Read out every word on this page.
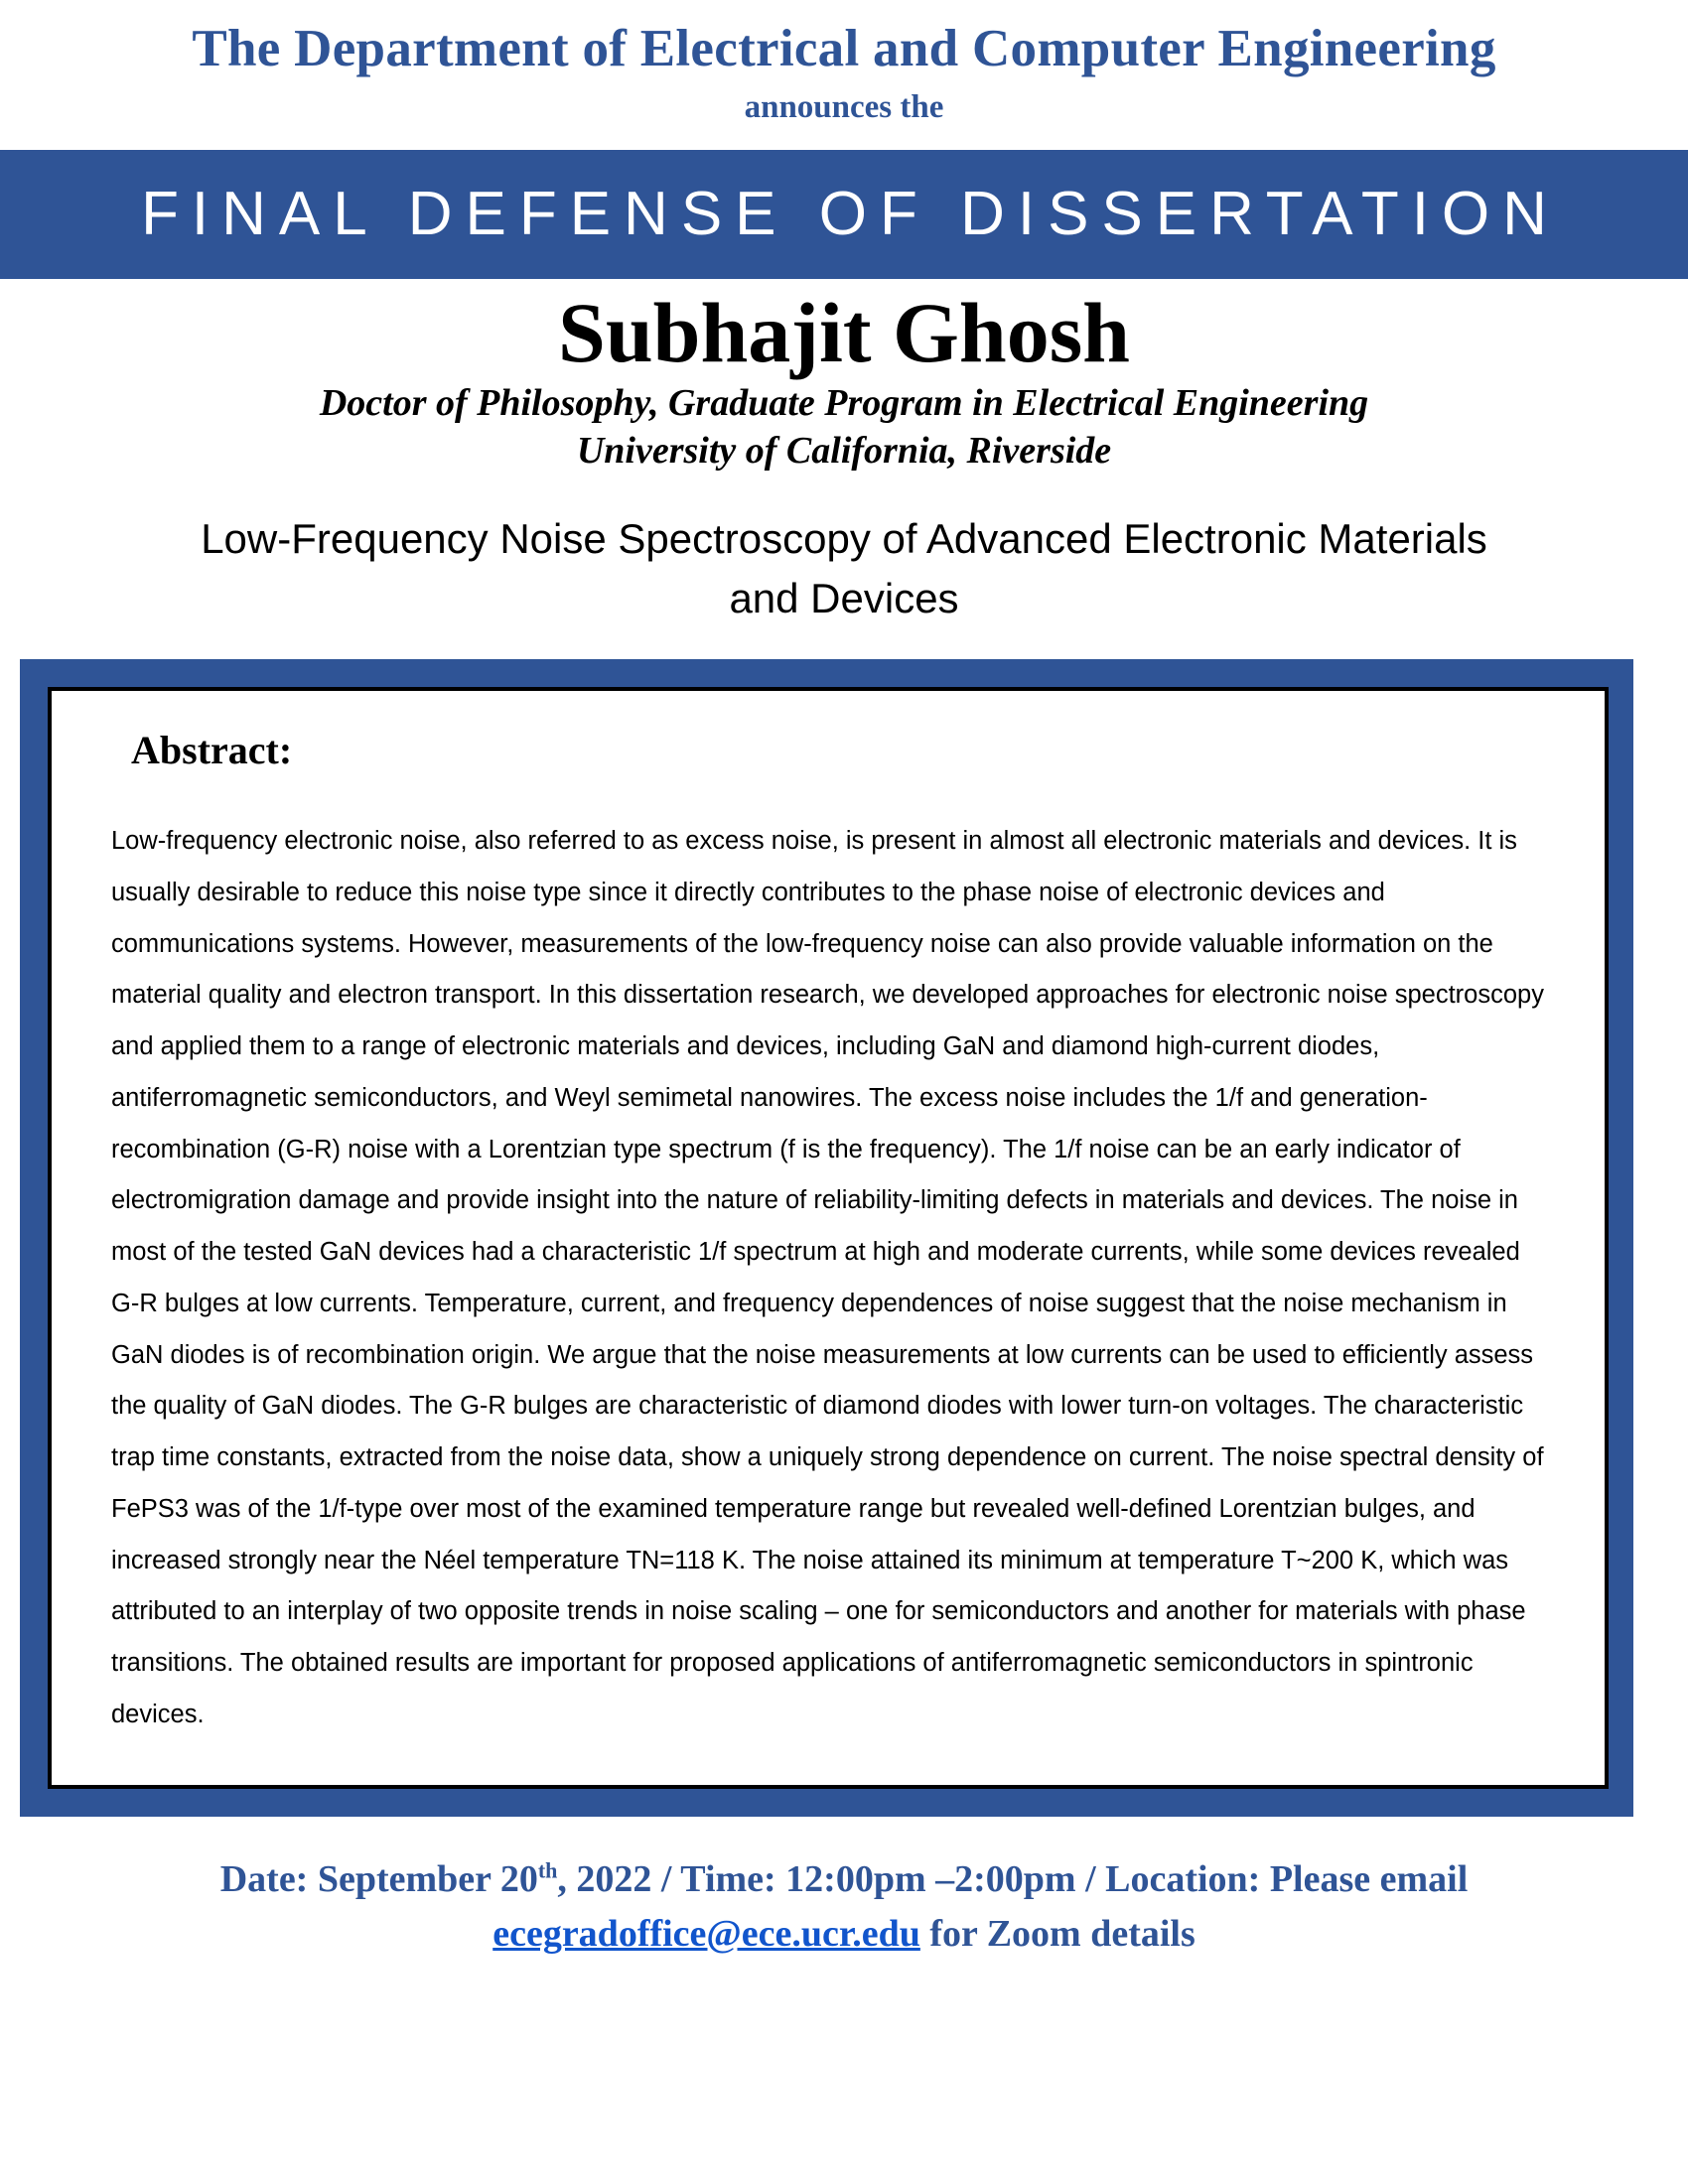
The Department of Electrical and Computer Engineering
announces the
FINAL DEFENSE OF DISSERTATION
Subhajit Ghosh
Doctor of Philosophy, Graduate Program in Electrical Engineering
University of California, Riverside
Low-Frequency Noise Spectroscopy of Advanced Electronic Materials and Devices
Abstract:

Low-frequency electronic noise, also referred to as excess noise, is present in almost all electronic materials and devices. It is usually desirable to reduce this noise type since it directly contributes to the phase noise of electronic devices and communications systems. However, measurements of the low-frequency noise can also provide valuable information on the material quality and electron transport. In this dissertation research, we developed approaches for electronic noise spectroscopy and applied them to a range of electronic materials and devices, including GaN and diamond high-current diodes, antiferromagnetic semiconductors, and Weyl semimetal nanowires. The excess noise includes the 1/f and generation-recombination (G-R) noise with a Lorentzian type spectrum (f is the frequency). The 1/f noise can be an early indicator of electromigration damage and provide insight into the nature of reliability-limiting defects in materials and devices. The noise in most of the tested GaN devices had a characteristic 1/f spectrum at high and moderate currents, while some devices revealed G-R bulges at low currents. Temperature, current, and frequency dependences of noise suggest that the noise mechanism in GaN diodes is of recombination origin. We argue that the noise measurements at low currents can be used to efficiently assess the quality of GaN diodes. The G-R bulges are characteristic of diamond diodes with lower turn-on voltages. The characteristic trap time constants, extracted from the noise data, show a uniquely strong dependence on current. The noise spectral density of FePS3 was of the 1/f-type over most of the examined temperature range but revealed well-defined Lorentzian bulges, and increased strongly near the Néel temperature TN=118 K. The noise attained its minimum at temperature T~200 K, which was attributed to an interplay of two opposite trends in noise scaling – one for semiconductors and another for materials with phase transitions. The obtained results are important for proposed applications of antiferromagnetic semiconductors in spintronic devices.

Date: September 20th, 2022 / Time: 12:00pm –2:00pm / Location: Please email
ecegradoffice@ece.ucr.edu for Zoom details
